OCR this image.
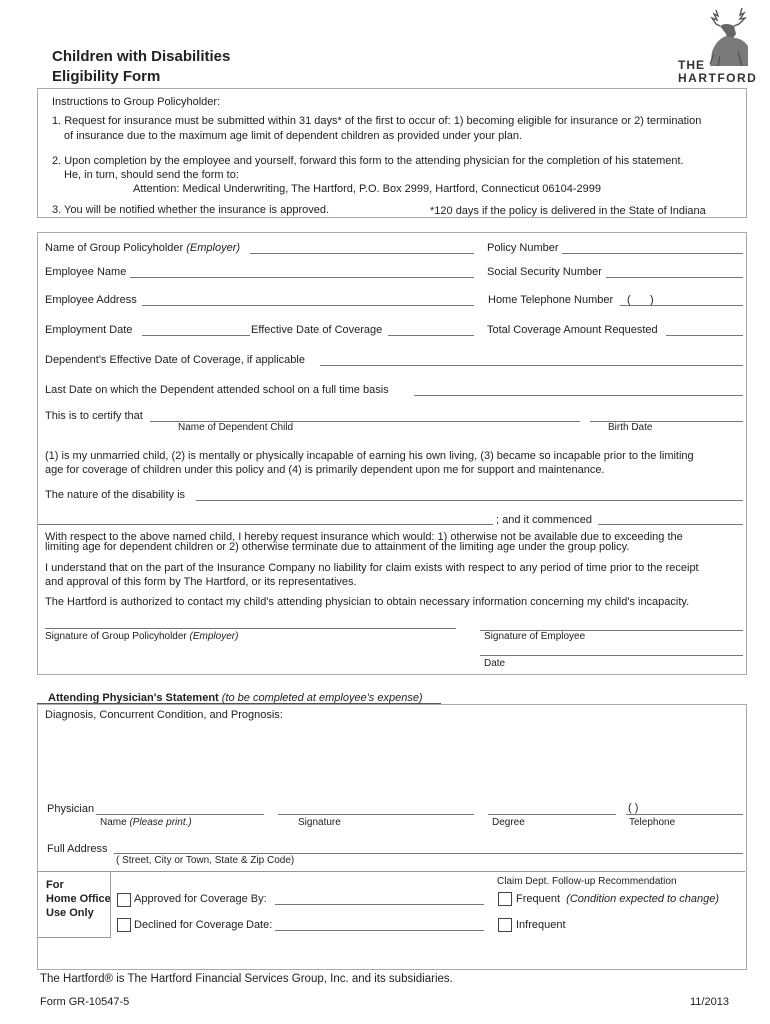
Children with Disabilities
Eligibility Form
THE
HARTFORD
Instructions to Group Policyholder:
1. Request for insurance must be submitted within 31 days* of the first to occur of: 1) becoming eligible for insurance or 2) termination
of insurance due to the maximum age limit of dependent children as provided under your plan.
2. Upon completion by the employee and yourself, forward this form to the attending physician for the completion of his statement.
He, in turn, should send the form to:
Attention: Medical Underwriting, The Hartford, P.O. Box 2999, Hartford, Connecticut 06104-2999
3. You will be notified whether the insurance is approved.	*120 days if the policy is delivered in the State of Indiana
Name of Group Policyholder (Employer)	Policy Number
Employee Name	Social Security Number
Employee Address	Home Telephone Number ( )
Employment Date	Effective Date of Coverage	Total Coverage Amount Requested
Dependent's Effective Date of Coverage, if applicable
Last Date on which the Dependent attended school on a full time basis
This is to certify that
Name of Dependent Child	Birth Date
(1) is my unmarried child, (2) is mentally or physically incapable of earning his own living, (3) became so incapable prior to the limiting
age for coverage of children under this policy and (4) is primarily dependent upon me for support and maintenance.
The nature of the disability is
; and it commenced
With respect to the above named child, I hereby request insurance which would: 1) otherwise not be available due to exceeding the
limiting age for dependent children or 2) otherwise terminate due to attainment of the limiting age under the group policy.
I understand that on the part of the Insurance Company no liability for claim exists with respect to any period of time prior to the receipt
and approval of this form by The Hartford, or its representatives.
The Hartford is authorized to contact my child's attending physician to obtain necessary information concerning my child's incapacity.
Signature of Group Policyholder (Employer)	Signature of Employee
Date
Attending Physician's Statement (to be completed at employee's expense)
Diagnosis, Concurrent Condition, and Prognosis:
Physician	( )
Name (Please print.)	Signature	Degree	Telephone
Full Address
( Street, City or Town, State & Zip Code)
For
Home Office
Use Only
Approved for Coverage By:
Declined for Coverage Date:
Claim Dept. Follow-up Recommendation
Frequent (Condition expected to change)
Infrequent
The Hartford® is The Hartford Financial Services Group, Inc. and its subsidiaries.
Form GR-10547-5	11/2013
